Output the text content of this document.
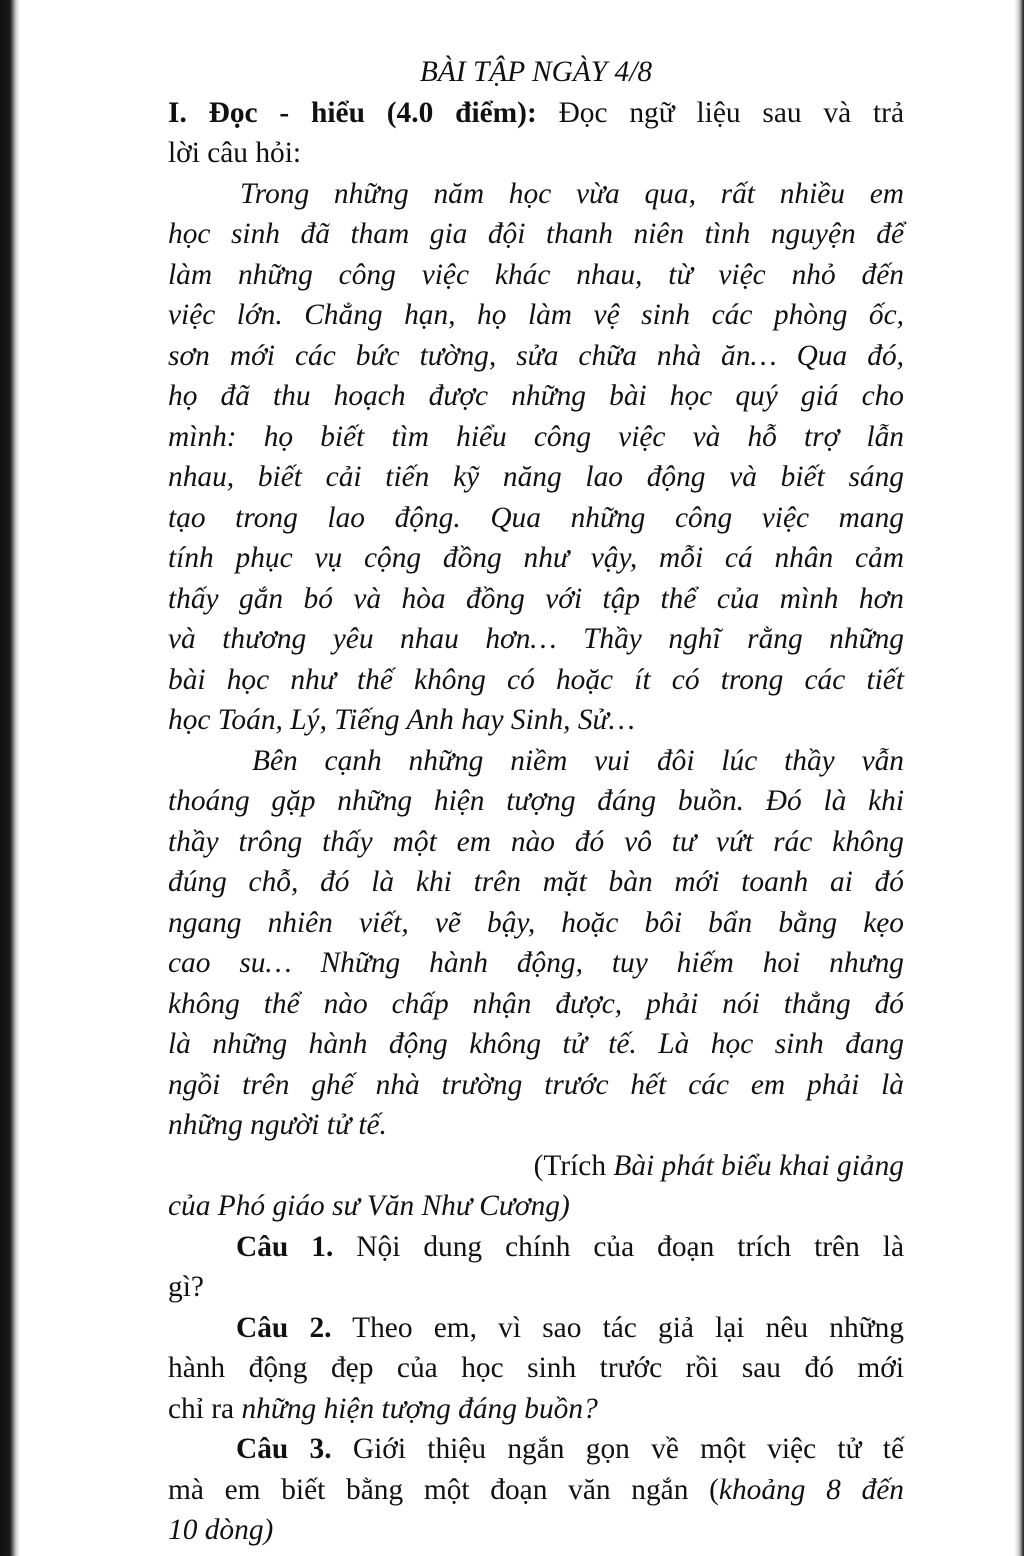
BÀI TẬP NGÀY 4/8
I. Đọc - hiểu (4.0 điểm): Đọc ngữ liệu sau và trả
lời câu hỏi:
Trong những năm học vừa qua, rất nhiều em
học sinh đã tham gia đội thanh niên tình nguyện để
làm những công việc khác nhau, từ việc nhỏ đến
việc lớn. Chẳng hạn, họ làm vệ sinh các phòng ốc,
sơn mới các bức tường, sửa chữa nhà ăn… Qua đó,
họ đã thu hoạch được những bài học quý giá cho
mình: họ biết tìm hiểu công việc và hỗ trợ lẫn
nhau, biết cải tiến kỹ năng lao động và biết sáng
tạo trong lao động. Qua những công việc mang
tính phục vụ cộng đồng như vậy, mỗi cá nhân cảm
thấy gắn bó và hòa đồng với tập thể của mình hơn
và thương yêu nhau hơn… Thầy nghĩ rằng những
bài học như thế không có hoặc ít có trong các tiết
học Toán, Lý, Tiếng Anh hay Sinh, Sử…
Bên cạnh những niềm vui đôi lúc thầy vẫn
thoáng gặp những hiện tượng đáng buồn. Đó là khi
thầy trông thấy một em nào đó vô tư vứt rác không
đúng chỗ, đó là khi trên mặt bàn mới toanh ai đó
ngang nhiên viết, vẽ bậy, hoặc bôi bẩn bằng kẹo
cao su… Những hành động, tuy hiếm hoi nhưng
không thể nào chấp nhận được, phải nói thẳng đó
là những hành động không tử tế. Là học sinh đang
ngồi trên ghế nhà trường trước hết các em phải là
những người tử tế.
(Trích Bài phát biểu khai giảng
của Phó giáo sư Văn Như Cương)
Câu 1. Nội dung chính của đoạn trích trên là
gì?
Câu 2. Theo em, vì sao tác giả lại nêu những
hành động đẹp của học sinh trước rồi sau đó mới
chỉ ra những hiện tượng đáng buồn?
Câu 3. Giới thiệu ngắn gọn về một việc tử tế
mà em biết bằng một đoạn văn ngắn (khoảng 8 đến
10 dòng)
